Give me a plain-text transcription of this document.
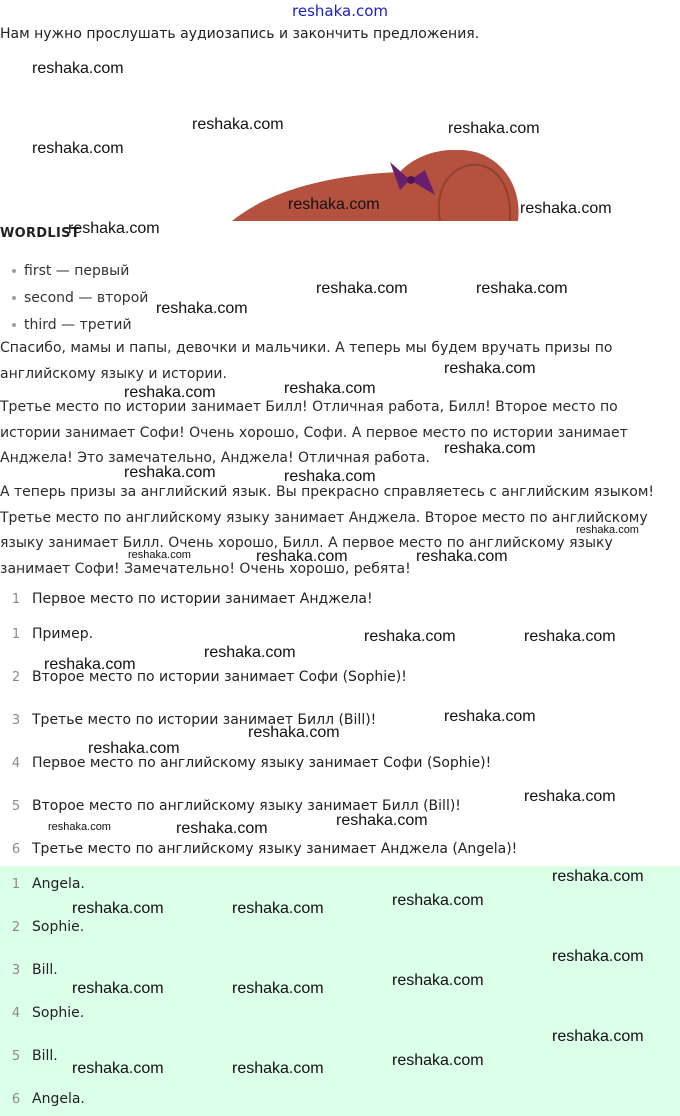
reshaka.com
Нам нужно прослушать аудиозапись и закончить предложения.
WORDLIST
first — первый
second — второй
third — третий
Спасибо, мамы и папы, девочки и мальчики. А теперь мы будем вручать призы по
английскому языку и истории.
Третье место по истории занимает Билл! Отличная работа, Билл! Второе место по
истории занимает Софи! Очень хорошо, Софи. А первое место по истории занимает
Анджела! Это замечательно, Анджела! Отличная работа.
А теперь призы за английский язык. Вы прекрасно справляетесь с английским языком!
Третье место по английскому языку занимает Анджела. Второе место по английскому
языку занимает Билл. Очень хорошо, Билл. А первое место по английскому языку
занимает Софи! Замечательно! Очень хорошо, ребята!
1 Первое место по истории занимает Анджела!
1 Пример.
2 Второе место по истории занимает Софи (Sophie)!
3 Третье место по истории занимает Билл (Bill)!
4 Первое место по английскому языку занимает Софи (Sophie)!
5 Второе место по английскому языку занимает Билл (Bill)!
6 Третье место по английскому языку занимает Анджела (Angela)!
1 Angela.
2 Sophie.
3 Bill.
4 Sophie.
5 Bill.
6 Angela.
reshaka.com
reshaka.com	reshaka.com
reshaka.com
reshaka.com	reshaka.com
reshaka.com
reshaka.com	reshaka.com
reshaka.com
reshaka.com
reshaka.com	reshaka.com
reshaka.com
reshaka.com	reshaka.com
reshaka.com
reshaka.com	reshaka.com	reshaka.com
reshaka.com	reshaka.com
reshaka.com
reshaka.com
reshaka.com
reshaka.com
reshaka.com
reshaka.com
reshaka.com	reshaka.com	reshaka.com
reshaka.com
reshaka.com	reshaka.com	reshaka.com
reshaka.com
reshaka.com	reshaka.com	reshaka.com
reshaka.com
reshaka.com	reshaka.com	reshaka.com
